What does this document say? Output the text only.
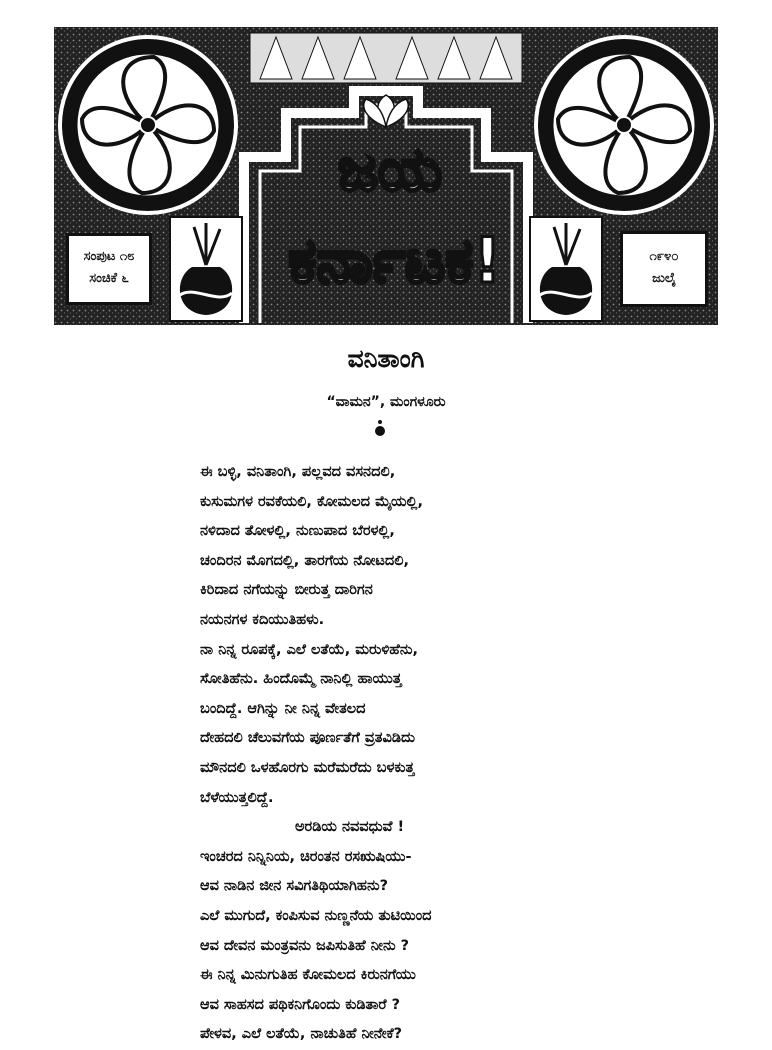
ಜಯ
ಕರ್ನಾಟಕ!
ಸಂಪುಟ ೧೮
ಸಂಚಿಕೆ ೬
೧೯೪೦
ಜುಲೈ
ವನಿತಾಂಗಿ
“ವಾಮನ”, ಮಂಗಳೂರು
ಈ ಬಳ್ಳಿ, ವನಿತಾಂಗಿ, ಪಲ್ಲವದ ವಸನದಲಿ,
ಕುಸುಮಗಳ ರವಕೆಯಲಿ, ಕೋಮಲದ ಮೈಯಲ್ಲಿ,
ನಳಿದಾದ ತೋಳಲ್ಲಿ, ನುಣುಪಾದ ಬೆರಳಲ್ಲಿ,
ಚಂದಿರನ ಮೊಗದಲ್ಲಿ, ತಾರಗೆಯ ನೋಟದಲಿ,
ಕಿರಿದಾದ ನಗೆಯನ್ನು ಬೀರುತ್ತ ದಾರಿಗನ
ನಯನಗಳ ಕದಿಯುತಿಹಳು.
ನಾ ನಿನ್ನ ರೂಪಕ್ಕೆ, ಎಲೆ ಲತೆಯೆ, ಮರುಳಿಹೆನು,
ಸೋತಿಹೆನು. ಹಿಂದೊಮ್ಮೆ ನಾನಿಲ್ಲಿ ಹಾಯುತ್ತ
ಬಂದಿದ್ದೆ. ಆಗಿನ್ನು ನೀ ನಿನ್ನ ವೇತಲದ
ದೇಹದಲಿ ಚೆಲುವಗೆಯ ಪೂರ್ಣತೆಗೆ ವ್ರತವಿಡಿದು
ಮೌನದಲಿ ಒಳಹೊರಗು ಮರೆಮರೆದು ಬಳಕುತ್ತ
ಬೆಳೆಯುತ್ತಲಿದ್ದೆ.
ಅರಡಿಯ ನವವಧುವೆ !
ಇಂಚರದ ನಿನ್ನಿನಿಯ, ಚಿರಂತನ ರಸಋಷಿಯು-
ಆವ ನಾಡಿನ ಜೀನ ಸವಿಗತಿಥಿಯಾಗಿಹನು?
ಎಲೆ ಮುಗುದೆ, ಕಂಪಿಸುವ ನುಣ್ಣನೆಯ ತುಟಿಯಿಂದ
ಆವ ದೇವನ ಮಂತ್ರವನು ಜಪಿಸುತಿಹೆ ನೀನು ?
ಈ ನಿನ್ನ ಮಿನುಗುತಿಹ ಕೋಮಲದ ಕಿರುನಗೆಯು
ಆವ ಸಾಹಸದ ಪಥಿಕನಿಗೊಂದು ಕುಡಿತಾರೆ ?
ಪೇಳವ, ಎಲೆ ಲತೆಯೆ, ನಾಚುತಿಹೆ ನೀನೇಕೆ?
